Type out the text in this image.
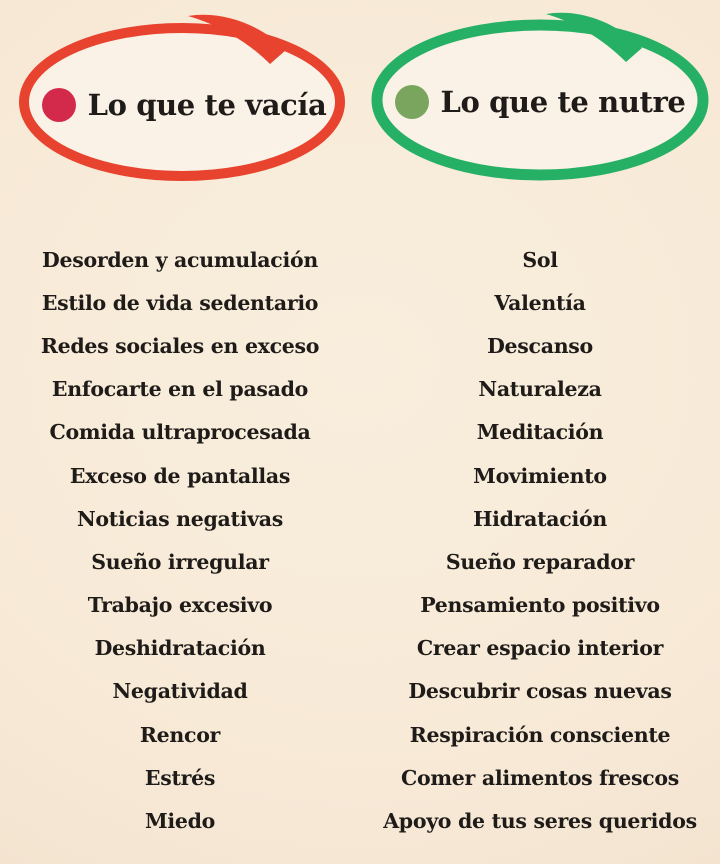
Lo que te vacía	Lo que te nutre
Desorden y acumulación
Estilo de vida sedentario
Redes sociales en exceso
Enfocarte en el pasado
Comida ultraprocesada
Exceso de pantallas
Noticias negativas
Sueño irregular
Trabajo excesivo
Deshidratación
Negatividad
Rencor
Estrés
Miedo
Sol
Valentía
Descanso
Naturaleza
Meditación
Movimiento
Hidratación
Sueño reparador
Pensamiento positivo
Crear espacio interior
Descubrir cosas nuevas
Respiración consciente
Comer alimentos frescos
Apoyo de tus seres queridos
